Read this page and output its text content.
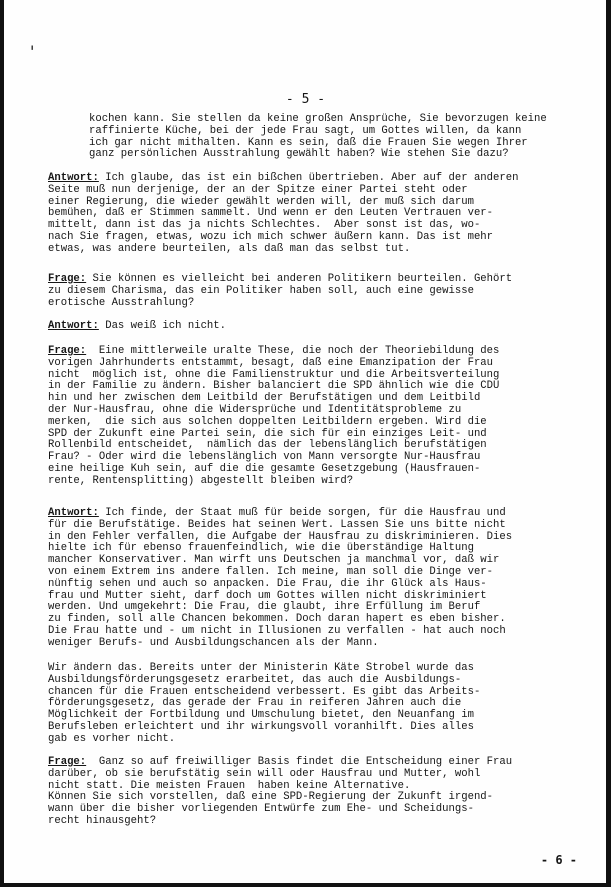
'
- 5 -
kochen kann. Sie stellen da keine großen Ansprüche, Sie bevorzugen keine
raffinierte Küche, bei der jede Frau sagt, um Gottes willen, da kann
ich gar nicht mithalten. Kann es sein, daß die Frauen Sie wegen Ihrer
ganz persönlichen Ausstrahlung gewählt haben? Wie stehen Sie dazu?
Antwort: Ich glaube, das ist ein bißchen übertrieben. Aber auf der anderen
Seite muß nun derjenige, der an der Spitze einer Partei steht oder
einer Regierung, die wieder gewählt werden will, der muß sich darum
bemühen, daß er Stimmen sammelt. Und wenn er den Leuten Vertrauen ver-
mittelt, dann ist das ja nichts Schlechtes.  Aber sonst ist das, wo-
nach Sie fragen, etwas, wozu ich mich schwer äußern kann. Das ist mehr
etwas, was andere beurteilen, als daß man das selbst tut.
Frage: Sie können es vielleicht bei anderen Politikern beurteilen. Gehört
zu diesem Charisma, das ein Politiker haben soll, auch eine gewisse
erotische Ausstrahlung?
Antwort: Das weiß ich nicht.
Frage:  Eine mittlerweile uralte These, die noch der Theoriebildung des
vorigen Jahrhunderts entstammt, besagt, daß eine Emanzipation der Frau
nicht  möglich ist, ohne die Familienstruktur und die Arbeitsverteilung
in der Familie zu ändern. Bisher balanciert die SPD ähnlich wie die CDU
hin und her zwischen dem Leitbild der Berufstätigen und dem Leitbild
der Nur-Hausfrau, ohne die Widersprüche und Identitätsprobleme zu
merken,  die sich aus solchen doppelten Leitbildern ergeben. Wird die
SPD der Zukunft eine Partei sein, die sich für ein einziges Leit- und
Rollenbild entscheidet,  nämlich das der lebenslänglich berufstätigen
Frau? - Oder wird die lebenslänglich von Mann versorgte Nur-Hausfrau
eine heilige Kuh sein, auf die die gesamte Gesetzgebung (Hausfrauen-
rente, Rentensplitting) abgestellt bleiben wird?
Antwort: Ich finde, der Staat muß für beide sorgen, für die Hausfrau und
für die Berufstätige. Beides hat seinen Wert. Lassen Sie uns bitte nicht
in den Fehler verfallen, die Aufgabe der Hausfrau zu diskriminieren. Dies
hielte ich für ebenso frauenfeindlich, wie die überständige Haltung
mancher Konservativer. Man wirft uns Deutschen ja manchmal vor, daß wir
von einem Extrem ins andere fallen. Ich meine, man soll die Dinge ver-
nünftig sehen und auch so anpacken. Die Frau, die ihr Glück als Haus-
frau und Mutter sieht, darf doch um Gottes willen nicht diskriminiert
werden. Und umgekehrt: Die Frau, die glaubt, ihre Erfüllung im Beruf
zu finden, soll alle Chancen bekommen. Doch daran hapert es eben bisher.
Die Frau hatte und - um nicht in Illusionen zu verfallen - hat auch noch
weniger Berufs- und Ausbildungschancen als der Mann.
Wir ändern das. Bereits unter der Ministerin Käte Strobel wurde das
Ausbildungsförderungsgesetz erarbeitet, das auch die Ausbildungs-
chancen für die Frauen entscheidend verbessert. Es gibt das Arbeits-
förderungsgesetz, das gerade der Frau in reiferen Jahren auch die
Möglichkeit der Fortbildung und Umschulung bietet, den Neuanfang im
Berufsleben erleichtert und ihr wirkungsvoll voranhilft. Dies alles
gab es vorher nicht.
Frage:  Ganz so auf freiwilliger Basis findet die Entscheidung einer Frau
darüber, ob sie berufstätig sein will oder Hausfrau und Mutter, wohl
nicht statt. Die meisten Frauen  haben keine Alternative.
Können Sie sich vorstellen, daß eine SPD-Regierung der Zukunft irgend-
wann über die bisher vorliegenden Entwürfe zum Ehe- und Scheidungs-
recht hinausgeht?
- 6 -
